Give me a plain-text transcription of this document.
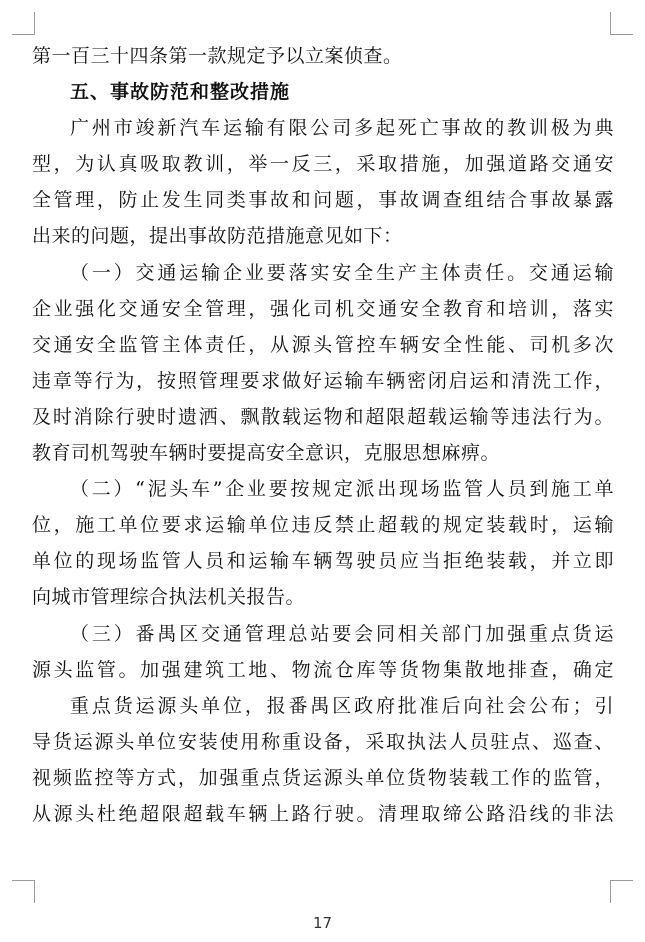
第一百三十四条第一款规定予以立案侦查。
五、事故防范和整改措施
广州市竣新汽车运输有限公司多起死亡事故的教训极为典
型，为认真吸取教训，举一反三，采取措施，加强道路交通安
全管理，防止发生同类事故和问题，事故调查组结合事故暴露
出来的问题，提出事故防范措施意见如下：
（一）交通运输企业要落实安全生产主体责任。交通运输
企业强化交通安全管理，强化司机交通安全教育和培训，落实
交通安全监管主体责任，从源头管控车辆安全性能、司机多次
违章等行为，按照管理要求做好运输车辆密闭启运和清洗工作，
及时消除行驶时遗洒、飘散载运物和超限超载运输等违法行为。
教育司机驾驶车辆时要提高安全意识，克服思想麻痹。
（二）“泥头车”企业要按规定派出现场监管人员到施工单
位，施工单位要求运输单位违反禁止超载的规定装载时，运输
单位的现场监管人员和运输车辆驾驶员应当拒绝装载，并立即
向城市管理综合执法机关报告。
（三）番禺区交通管理总站要会同相关部门加强重点货运
源头监管。加强建筑工地、物流仓库等货物集散地排查，确定
重点货运源头单位，报番禺区政府批准后向社会公布；引
导货运源头单位安装使用称重设备，采取执法人员驻点、巡查、
视频监控等方式，加强重点货运源头单位货物装载工作的监管，
从源头杜绝超限超载车辆上路行驶。清理取缔公路沿线的非法
17
